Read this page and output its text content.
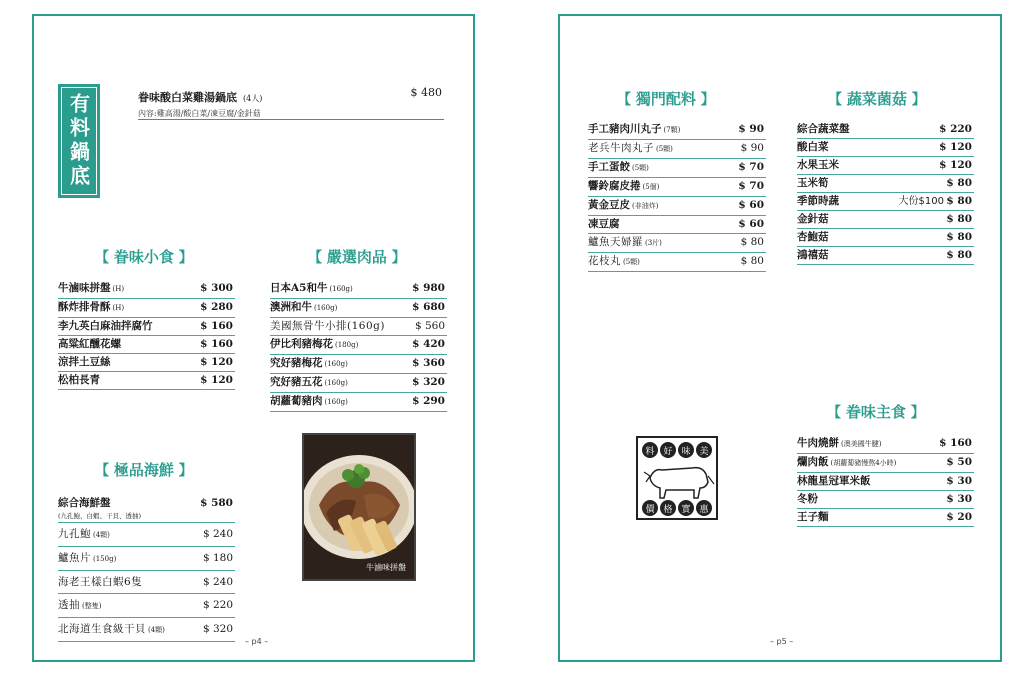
有料鍋底	眷味酸白菜雞湯鍋底 (4人)	$ 480
內容:雞高湯/酸白菜/凍豆腐/金針菇
【 眷味小食 】
牛滷味拼盤 (H)	$ 300
酥炸排骨酥 (H)	$ 280
李九英白麻油拌腐竹	$ 160
高粱紅醺花螺	$ 160
涼拌土豆絲	$ 120
松柏長青	$ 120
【 嚴選肉品 】
日本A5和牛 (160g)	$ 980
澳洲和牛 (160g)	$ 680
美國無骨牛小排(160g)	$ 560
伊比利豬梅花 (180g)	$ 420
究好豬梅花 (160g)	$ 360
究好豬五花 (160g)	$ 320
胡蘿蔔豬肉 (160g)	$ 290
【 極品海鮮 】
綜合海鮮盤	$ 580
(九孔鮑、白蝦、干貝、透抽)
九孔鮑 (4顆)	$ 240
鱸魚片 (150g)	$ 180
海老王樣白蝦6隻	$ 240
透抽 (整隻)	$ 220
北海道生食級干貝 (4顆)	$ 320
牛滷味拼盤
– p4 –
【 獨門配料 】
手工豬肉川丸子 (7顆)	$ 90
老兵牛肉丸子 (5顆)	$ 90
手工蛋餃 (5顆)	$ 70
響鈴腐皮捲 (5個)	$ 70
黃金豆皮 (非油炸)	$ 60
凍豆腐	$ 60
鱸魚天婦羅 (3片)	$ 80
花枝丸 (5顆)	$ 80
【 蔬菜菌菇 】
綜合蔬菜盤	$ 220
酸白菜	$ 120
水果玉米	$ 120
玉米筍	$ 80
季節時蔬	大份$100 $ 80
金針菇	$ 80
杏鮑菇	$ 80
鴻禧菇	$ 80
【 眷味主食 】
牛肉燒餅 (澳美國牛腱)	$ 160
爛肉飯 (胡蘿蔔豬慢熬4小時)	$ 50
林龍星冠軍米飯	$ 30
冬粉	$ 30
王子麵	$ 20
料 好 味 美
價 格 實 惠
– p5 –
